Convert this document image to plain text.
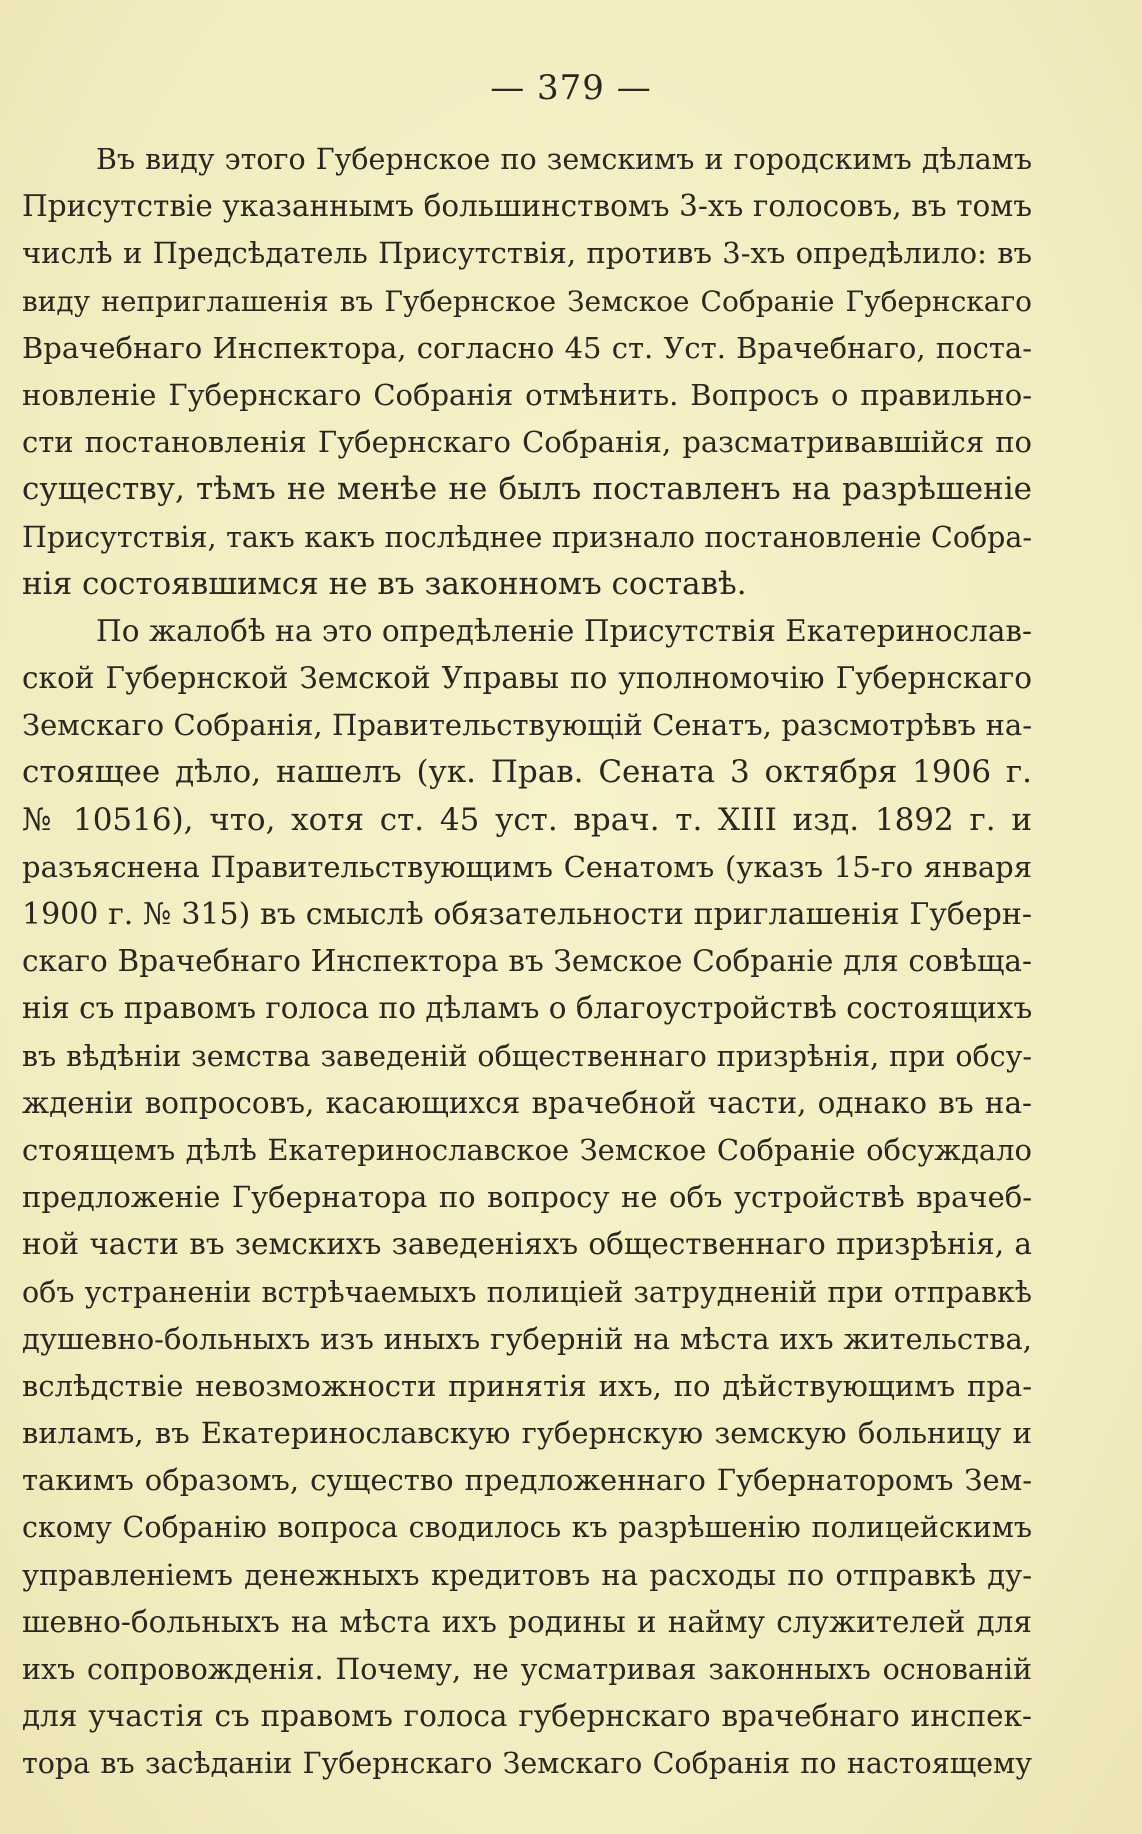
— 379 —
Въ виду этого Губернское по земскимъ и городскимъ дѣламъ
Присутствіе указаннымъ большинствомъ 3-хъ голосовъ, въ томъ
числѣ и Предсѣдатель Присутствія, противъ 3-хъ опредѣлило: въ
виду неприглашенія въ Губернское Земское Собраніе Губернскаго
Врачебнаго Инспектора, согласно 45 ст. Уст. Врачебнаго, поста-
новленіе Губернскаго Собранія отмѣнить. Вопросъ о правильно-
сти постановленія Губернскаго Собранія, разсматривавшійся по
существу, тѣмъ не менѣе не былъ поставленъ на разрѣшеніе
Присутствія, такъ какъ послѣднее признало постановленіе Собра-
нія состоявшимся не въ законномъ составѣ.
По жалобѣ на это опредѣленіе Присутствія Екатеринослав-
ской Губернской Земской Управы по уполномочію Губернскаго
Земскаго Собранія, Правительствующій Сенатъ, разсмотрѣвъ на-
стоящее дѣло, нашелъ (ук. Прав. Сената 3 октября 1906 г.
№ 10516), что, хотя ст. 45 уст. врач. т. XIII изд. 1892 г. и
разъяснена Правительствующимъ Сенатомъ (указъ 15-го января
1900 г. № 315) въ смыслѣ обязательности приглашенія Губерн-
скаго Врачебнаго Инспектора въ Земское Собраніе для совѣща-
нія съ правомъ голоса по дѣламъ о благоустройствѣ состоящихъ
въ вѣдѣніи земства заведеній общественнаго призрѣнія, при обсу-
жденіи вопросовъ, касающихся врачебной части, однако въ на-
стоящемъ дѣлѣ Екатеринославское Земское Собраніе обсуждало
предложеніе Губернатора по вопросу не объ устройствѣ врачеб-
ной части въ земскихъ заведеніяхъ общественнаго призрѣнія, а
объ устраненіи встрѣчаемыхъ полиціей затрудненій при отправкѣ
душевно-больныхъ изъ иныхъ губерній на мѣста ихъ жительства,
вслѣдствіе невозможности принятія ихъ, по дѣйствующимъ пра-
виламъ, въ Екатеринославскую губернскую земскую больницу и
такимъ образомъ, существо предложеннаго Губернаторомъ Зем-
скому Собранію вопроса сводилось къ разрѣшенію полицейскимъ
управленіемъ денежныхъ кредитовъ на расходы по отправкѣ ду-
шевно-больныхъ на мѣста ихъ родины и найму служителей для
ихъ сопровожденія. Почему, не усматривая законныхъ основаній
для участія съ правомъ голоса губернскаго врачебнаго инспек-
тора въ засѣданіи Губернскаго Земскаго Собранія по настоящему
